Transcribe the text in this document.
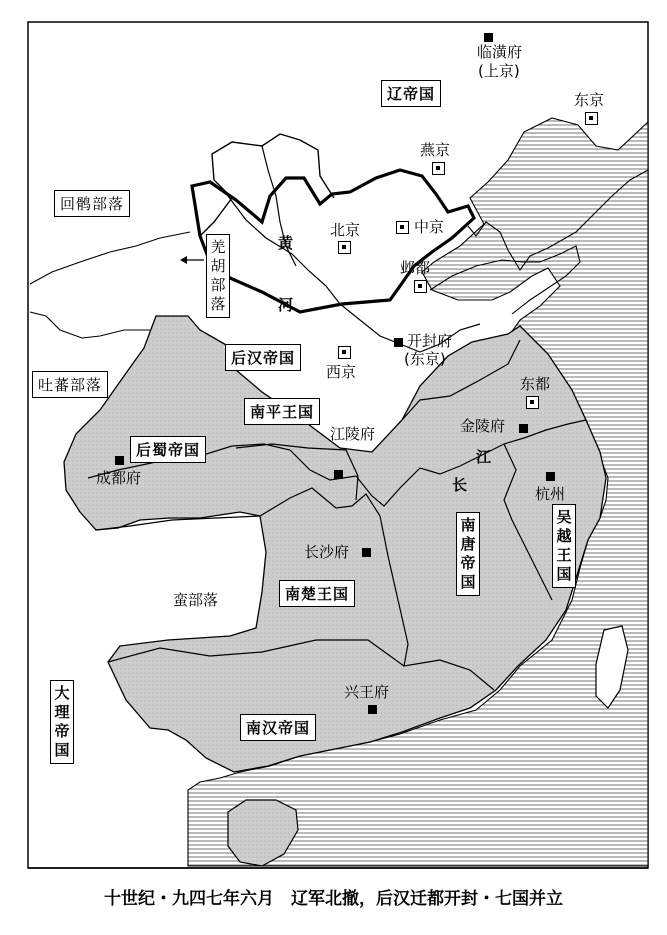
辽帝国
后汉帝国
后蜀帝国
南平王国
南楚王国
南汉帝国
回鹘部落
吐蕃部落
蛮部落
南唐帝国
吴越王国
大理帝国
羌胡部落
黄
河
江
长
临潢府
(上京)
东京
燕京
北京	中京
邺都
开封府
(东京)
西京
东都
江陵府	金陵府
成都府
杭州
长沙府
兴王府
十世纪・九四七年六月　辽军北撤，后汉迁都开封・七国并立
